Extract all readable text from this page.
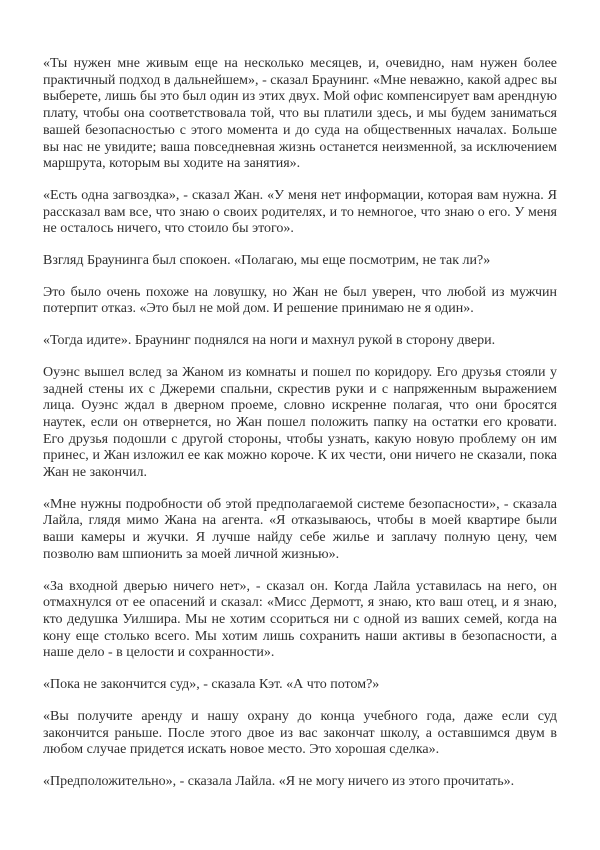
«Ты нужен мне живым еще на несколько месяцев, и, очевидно, нам нужен более практичный подход в дальнейшем», - сказал Браунинг. «Мне неважно, какой адрес вы выберете, лишь бы это был один из этих двух. Мой офис компенсирует вам арендную плату, чтобы она соответствовала той, что вы платили здесь, и мы будем заниматься вашей безопасностью с этого момента и до суда на общественных началах. Больше вы нас не увидите; ваша повседневная жизнь останется неизменной, за исключением маршрута, которым вы ходите на занятия».

«Есть одна загвоздка», - сказал Жан. «У меня нет информации, которая вам нужна. Я рассказал вам все, что знаю о своих родителях, и то немногое, что знаю о его. У меня не осталось ничего, что стоило бы этого».

Взгляд Браунинга был спокоен. «Полагаю, мы еще посмотрим, не так ли?»

Это было очень похоже на ловушку, но Жан не был уверен, что любой из мужчин потерпит отказ. «Это был не мой дом. И решение принимаю не я один».

«Тогда идите». Браунинг поднялся на ноги и махнул рукой в сторону двери.

Оуэнс вышел вслед за Жаном из комнаты и пошел по коридору. Его друзья стояли у задней стены их с Джереми спальни, скрестив руки и с напряженным выражением лица. Оуэнс ждал в дверном проеме, словно искренне полагая, что они бросятся наутек, если он отвернется, но Жан пошел положить папку на остатки его кровати. Его друзья подошли с другой стороны, чтобы узнать, какую новую проблему он им принес, и Жан изложил ее как можно короче. К их чести, они ничего не сказали, пока Жан не закончил.

«Мне нужны подробности об этой предполагаемой системе безопасности», - сказала Лайла, глядя мимо Жана на агента. «Я отказываюсь, чтобы в моей квартире были ваши камеры и жучки. Я лучше найду себе жилье и заплачу полную цену, чем позволю вам шпионить за моей личной жизнью».

«За входной дверью ничего нет», - сказал он. Когда Лайла уставилась на него, он отмахнулся от ее опасений и сказал: «Мисс Дермотт, я знаю, кто ваш отец, и я знаю, кто дедушка Уилшира. Мы не хотим ссориться ни с одной из ваших семей, когда на кону еще столько всего. Мы хотим лишь сохранить наши активы в безопасности, а наше дело - в целости и сохранности».

«Пока не закончится суд», - сказала Кэт. «А что потом?»

«Вы получите аренду и нашу охрану до конца учебного года, даже если суд закончится раньше. После этого двое из вас закончат школу, а оставшимся двум в любом случае придется искать новое место. Это хорошая сделка».

«Предположительно», - сказала Лайла. «Я не могу ничего из этого прочитать».
